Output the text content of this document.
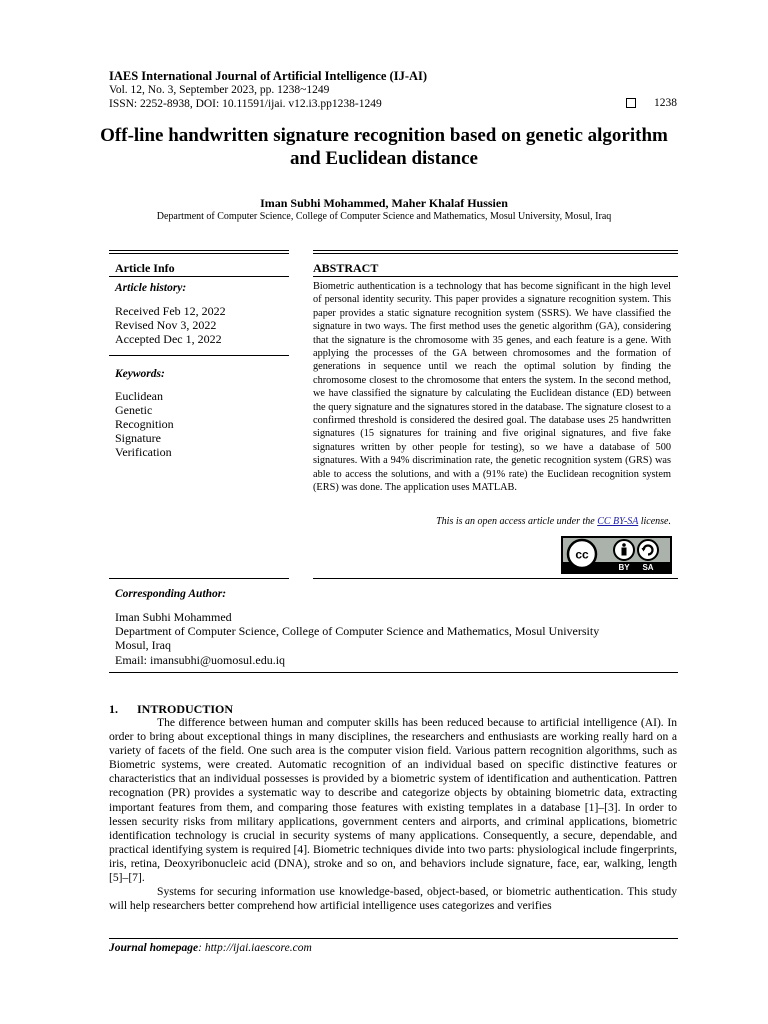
IAES International Journal of Artificial Intelligence (IJ-AI)
Vol. 12, No. 3, September 2023, pp. 1238~1249
ISSN: 2252-8938, DOI: 10.11591/ijai. v12.i3.pp1238-1249	1238
Off-line handwritten signature recognition based on genetic algorithm and Euclidean distance
Iman Subhi Mohammed, Maher Khalaf Hussien
Department of Computer Science, College of Computer Science and Mathematics, Mosul University, Mosul, Iraq
Article Info
Article history:
Received Feb 12, 2022
Revised Nov 3, 2022
Accepted Dec 1, 2022
Keywords:
Euclidean
Genetic
Recognition
Signature
Verification
ABSTRACT
Biometric authentication is a technology that has become significant in the high level of personal identity security. This paper provides a signature recognition system. This paper provides a static signature recognition system (SSRS). We have classified the signature in two ways. The first method uses the genetic algorithm (GA), considering that the signature is the chromosome with 35 genes, and each feature is a gene. With applying the processes of the GA between chromosomes and the formation of generations in sequence until we reach the optimal solution by finding the chromosome closest to the chromosome that enters the system. In the second method, we have classified the signature by calculating the Euclidean distance (ED) between the query signature and the signatures stored in the database. The signature closest to a confirmed threshold is considered the desired goal. The database uses 25 handwritten signatures (15 signatures for training and five original signatures, and five fake signatures written by other people for testing), so we have a database of 500 signatures. With a 94% discrimination rate, the genetic recognition system (GRS) was able to access the solutions, and with a (91% rate) the Euclidean recognition system (ERS) was done. The application uses MATLAB.
This is an open access article under the CC BY-SA license.
cc
BY SA
Corresponding Author:
Iman Subhi Mohammed
Department of Computer Science, College of Computer Science and Mathematics, Mosul University
Mosul, Iraq
Email: imansubhi@uomosul.edu.iq
1. INTRODUCTION

The difference between human and computer skills has been reduced because to artificial intelligence (AI). In order to bring about exceptional things in many disciplines, the researchers and enthusiasts are working really hard on a variety of facets of the field. One such area is the computer vision field. Various pattern recognition algorithms, such as Biometric systems, were created. Automatic recognition of an individual based on specific distinctive features or characteristics that an individual possesses is provided by a biometric system of identification and authentication. Pattren recognation (PR) provides a systematic way to describe and categorize objects by obtaining biometric data, extracting important features from them, and comparing those features with existing templates in a database [1]–[3]. In order to lessen security risks from military applications, government centers and airports, and criminal applications, biometric identification technology is crucial in security systems of many applications. Consequently, a secure, dependable, and practical identifying system is required [4]. Biometric techniques divide into two parts: physiological include fingerprints, iris, retina, Deoxyribonucleic acid (DNA), stroke and so on, and behaviors include signature, face, ear, walking, length [5]–[7].

Systems for securing information use knowledge-based, object-based, or biometric authentication. This study will help researchers better comprehend how artificial intelligence uses categorizes and verifies

Journal homepage: http://ijai.iaescore.com
